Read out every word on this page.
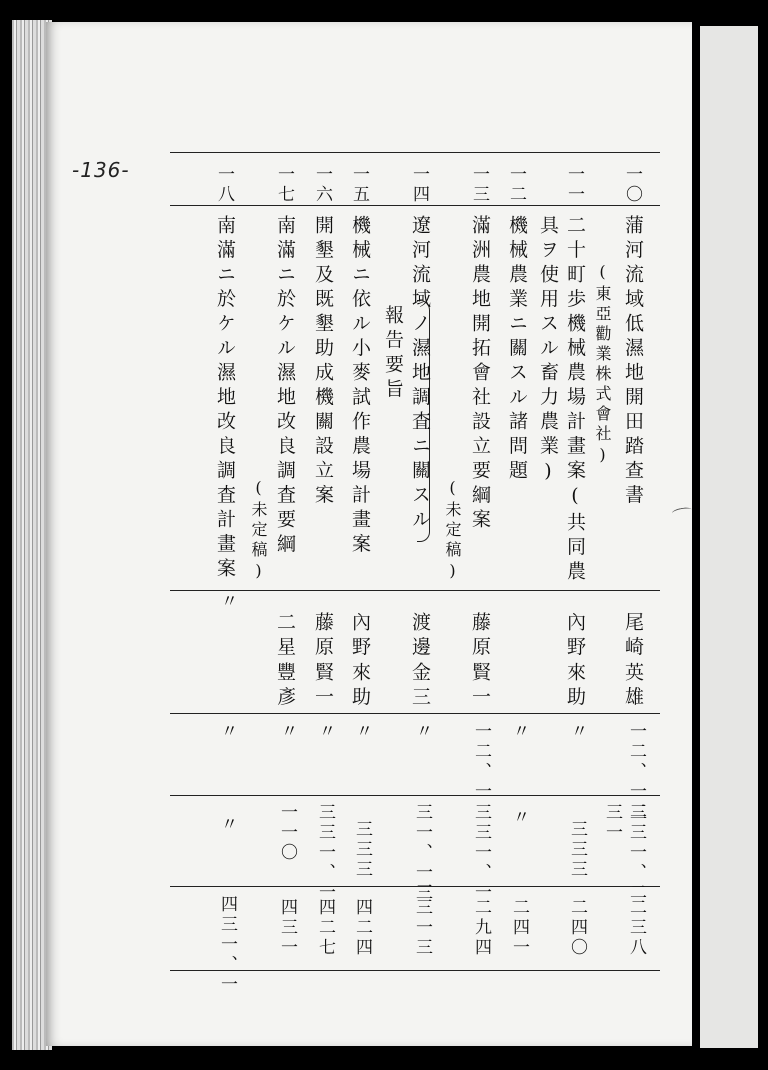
-136-	一〇
蒲河流域低濕地開田踏查書
(東亞勸業株式會社)
尾崎
英雄
一二、一二
三三一、二
三一
二三八
一一
二十町歩機械農場計畫案(共同農
具ヲ使用スル畜力農業)
內野
來助
〃
三三三
二四〇
一二
機械農業ニ關スル諸問題
〃
〃
二四一
一三
滿洲農地開拓會社設立要綱案
(未定稿)
藤原
賢一
一二、一
三三一、一
二九四
一四
遼河流域ノ濕地調査ニ關スル
報告要旨
渡邊
金三
〃
三一、一三
三一三
一五
機械ニ依ル小麥試作農場計畫案
內野
來助
〃
三三三
四二四
一六
開墾及既墾助成機關設立案
藤原
賢一
〃
三三一、一
四二七
一七
南滿ニ於ケル濕地改良調査要綱
(未定稿)
二星
豐彥
〃
一一〇
四三一
一八
南滿ニ於ケル濕地改良調査計畫案
〃
〃
〃
四三一、一
